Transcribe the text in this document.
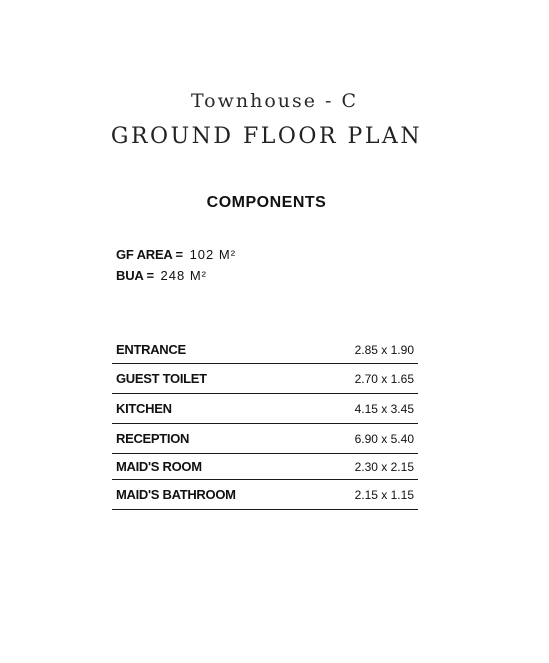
Townhouse - C
GROUND FLOOR PLAN
COMPONENTS
GF AREA = 102 M²
BUA = 248 M²
ENTRANCE	2.85 x 1.90
GUEST TOILET	2.70 x 1.65
KITCHEN	4.15 x 3.45
RECEPTION	6.90 x 5.40
MAID'S ROOM	2.30 x 2.15
MAID'S BATHROOM	2.15 x 1.15
